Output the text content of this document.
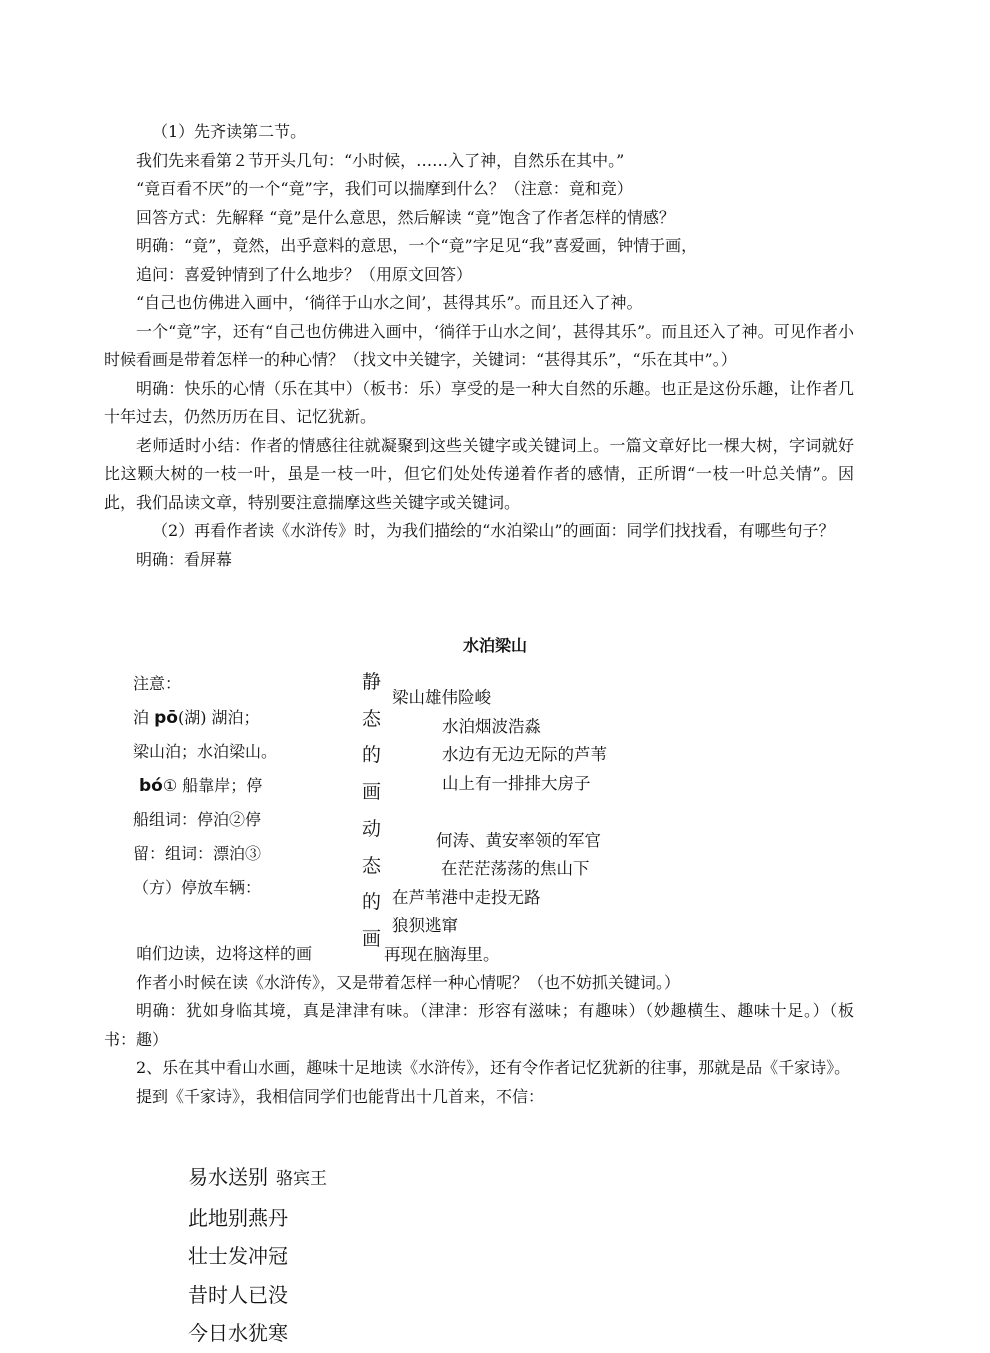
（1）先齐读第二节。

我们先来看第２节开头几句：“小时候，……入了神，自然乐在其中。”

“竟百看不厌”的一个“竟”字，我们可以揣摩到什么？（注意：竟和竞）

回答方式：先解释 “竟”是什么意思，然后解读 “竟”饱含了作者怎样的情感？

明确：“竟”，竟然，出乎意料的意思，一个“竟”字足见“我”喜爱画，钟情于画，

追问：喜爱钟情到了什么地步？（用原文回答）

“自己也仿佛进入画中，‘徜徉于山水之间’，甚得其乐”。而且还入了神。

一个“竟”字，还有“自己也仿佛进入画中，‘徜徉于山水之间’，甚得其乐”。而且还入了神。可见作者小时候看画是带着怎样一的种心情？（找文中关键字，关键词：“甚得其乐”，“乐在其中”。）

明确：快乐的心情（乐在其中）（板书：乐）享受的是一种大自然的乐趣。也正是这份乐趣，让作者几十年过去，仍然历历在目、记忆犹新。

老师适时小结：作者的情感往往就凝聚到这些关键字或关键词上。一篇文章好比一棵大树，字词就好比这颗大树的一枝一叶，虽是一枝一叶，但它们处处传递着作者的感情，正所谓“一枝一叶总关情”。因此，我们品读文章，特别要注意揣摩这些关键字或关键词。

（2）再看作者读《水浒传》时，为我们描绘的“水泊梁山”的画面：同学们找找看，有哪些句子？

明确：看屏幕

水泊梁山
注意：
泊 pō(湖) 湖泊；
梁山泊；水泊梁山。
bó① 船靠岸；停
船组词：停泊②停
留：组词：漂泊③
（方）停放车辆：
静
态
的
画
动
态
的
画
梁山雄伟险峻
水泊烟波浩淼
水边有无边无际的芦苇
山上有一排排大房子
何涛、黄安率领的军官
在茫茫荡荡的焦山下
在芦苇港中走投无路
狼狈逃窜
再现在脑海里。

咱们边读，边将这样的画

作者小时候在读《水浒传》，又是带着怎样一种心情呢？（也不妨抓关键词。）

明确：犹如身临其境，真是津津有味。（津津：形容有滋味；有趣味）（妙趣横生、趣味十足。）（板书：趣）

2、乐在其中看山水画，趣味十足地读《水浒传》，还有令作者记忆犹新的往事，那就是品《千家诗》。

提到《千家诗》，我相信同学们也能背出十几首来，不信：

易水送别 骆宾王
此地别燕丹
壮士发冲冠
昔时人已没
今日水犹寒
